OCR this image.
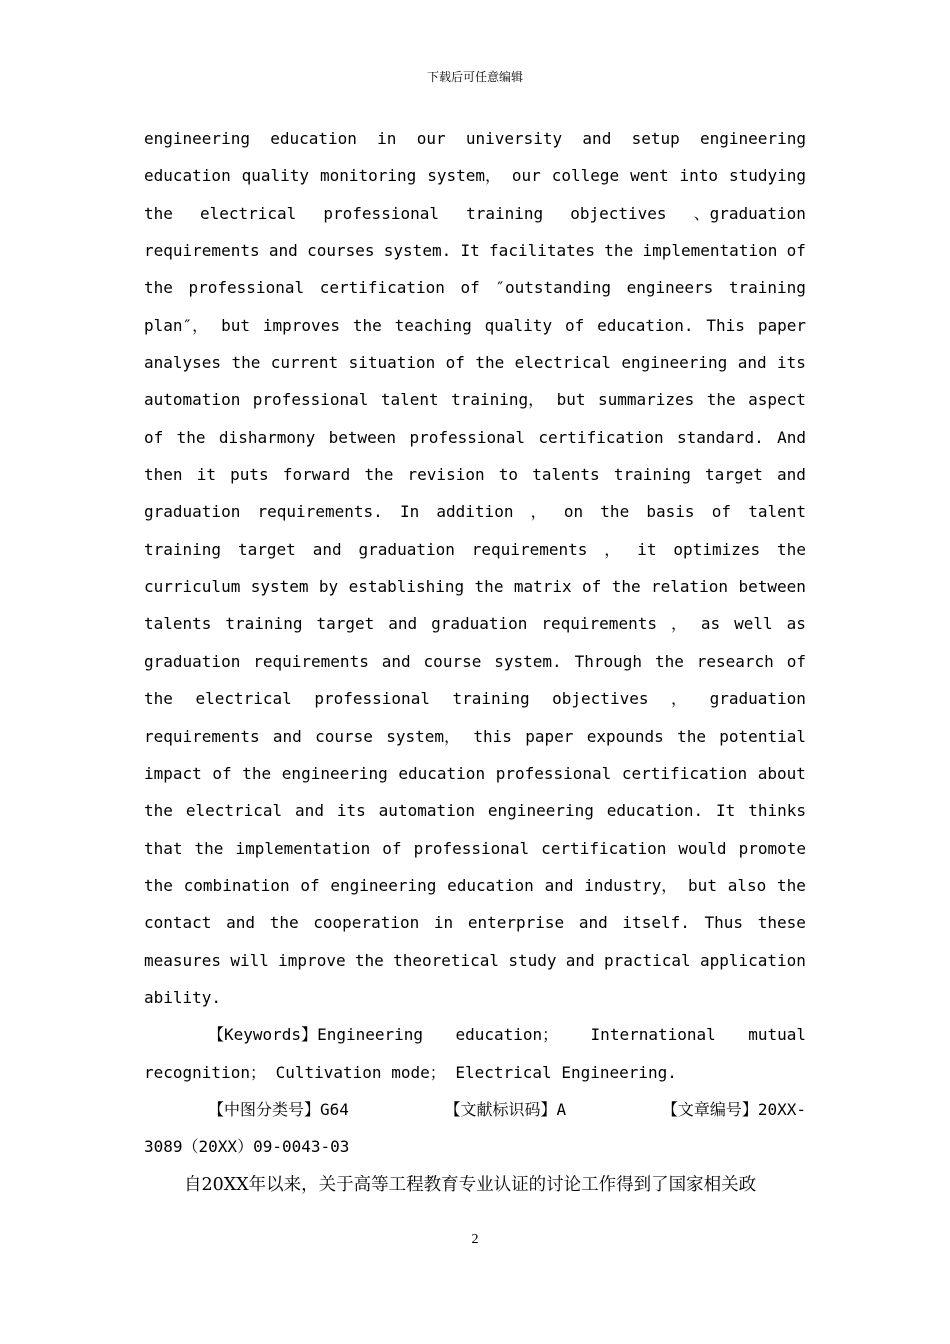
下载后可任意编辑
engineering education in our university and setup engineering
education quality monitoring system， our college went into studying
the electrical professional training objectives 、graduation
requirements and courses system. It facilitates the implementation of
the professional certification of ″outstanding engineers training
plan″， but improves the teaching quality of education. This paper
analyses the current situation of the electrical engineering and its
automation professional talent training， but summarizes the aspect
of the disharmony between professional certification standard. And
then it puts forward the revision to talents training target and
graduation requirements. In addition ， on the basis of talent
training target and graduation requirements ， it optimizes the
curriculum system by establishing the matrix of the relation between
talents training target and graduation requirements ， as well as
graduation requirements and course system. Through the research of
the electrical professional training objectives ， graduation
requirements and course system， this paper expounds the potential
impact of the engineering education professional certification about
the electrical and its automation engineering education. It thinks
that the implementation of professional certification would promote
the combination of engineering education and industry， but also the
contact and the cooperation in enterprise and itself. Thus these
measures will improve the theoretical study and practical application
ability.
【Keywords】Engineering education； International mutual
recognition； Cultivation mode； Electrical Engineering.
【中图分类号】G64	【文献标识码】A	【文章编号】20XX-
3089（20XX）09-0043-03
自20XX年以来，关于高等工程教育专业认证的讨论工作得到了国家相关政
2
